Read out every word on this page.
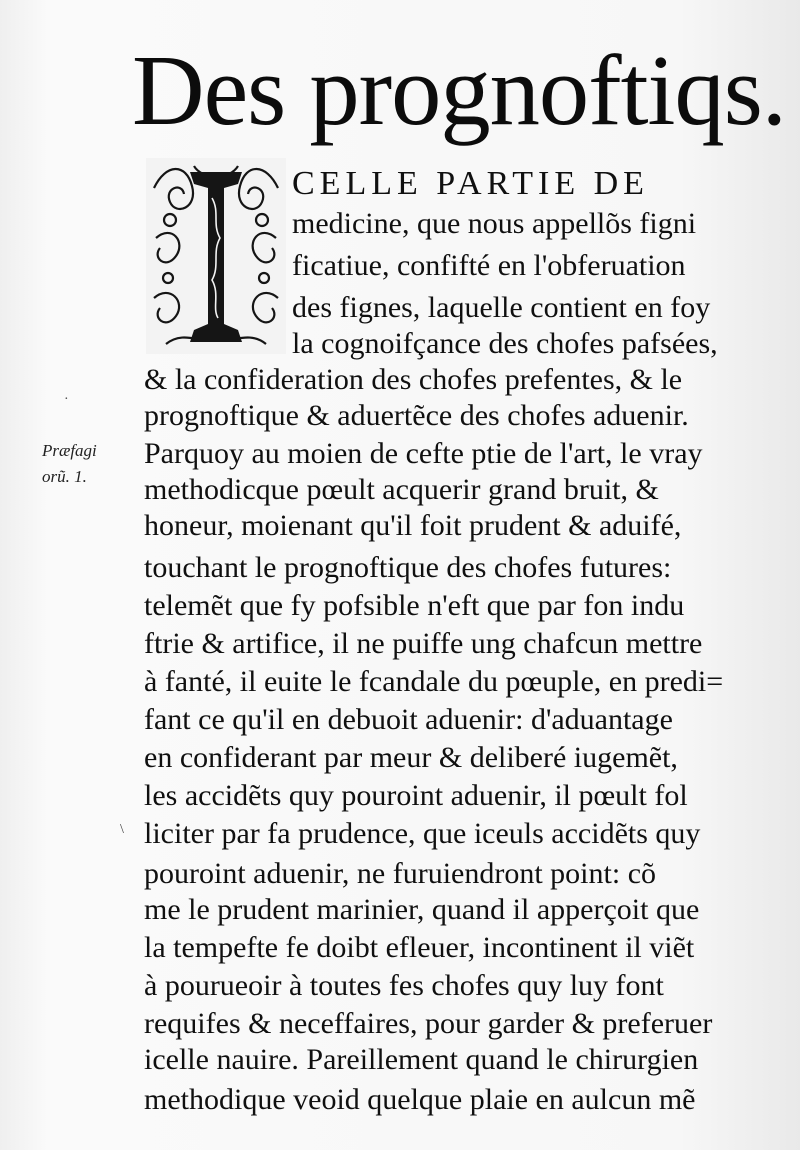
Des prognoftiqs.
Præfagi
orũ. 1.
CELLE PARTIE DE
medicine, que nous appellõs figni
ficatiue, confifté en l'obferuation
des fignes, laquelle contient en foy
la cognoifçance des chofes pafsées,
& la confideration des chofes prefentes, & le
prognoftique & aduertẽce des chofes aduenir.
Parquoy au moien de cefte ptie de l'art, le vray
methodicque pœult acquerir grand bruit, &
honeur, moienant qu'il foit prudent & aduifé,
touchant le prognoftique des chofes futures:
telemẽt que fy pofsible n'eft que par fon indu
ftrie & artifice, il ne puiffe ung chafcun mettre
à fanté, il euite le fcandale du pœuple, en predi=
fant ce qu'il en debuoit aduenir: d'aduantage
en confiderant par meur & deliberé iugemẽt,
les accidẽts quy pouroint aduenir, il pœult fol
liciter par fa prudence, que iceuls accidẽts quy
pouroint aduenir, ne furuiendront point: cõ
me le prudent marinier, quand il apperçoit que
la tempefte fe doibt efleuer, incontinent il viẽt
à pourueoir à toutes fes chofes quy luy font
requifes & neceffaires, pour garder & preferuer
icelle nauire. Pareillement quand le chirurgien
methodique veoid quelque plaie en aulcun mẽ
·
\
